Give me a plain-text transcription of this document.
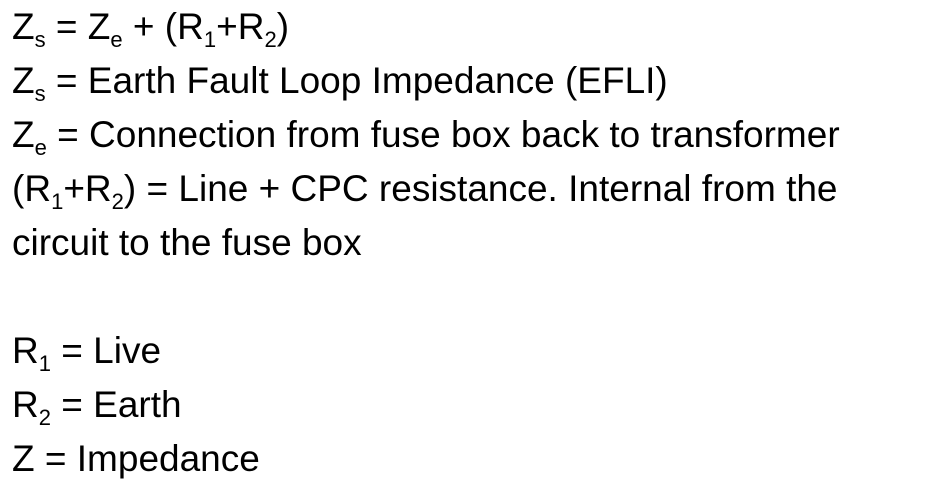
$Z_s = Z_e + (R_1+R_2)$
$Z_s$ = Earth Fault Loop Impedance (EFLI)
$Z_e$ = Connection from fuse box back to transformer
$(R_1+R_2)$ = Line + CPC resistance. Internal from the
circuit to the fuse box
$R_1$ = Live
$R_2$ = Earth
Z = Impedance
